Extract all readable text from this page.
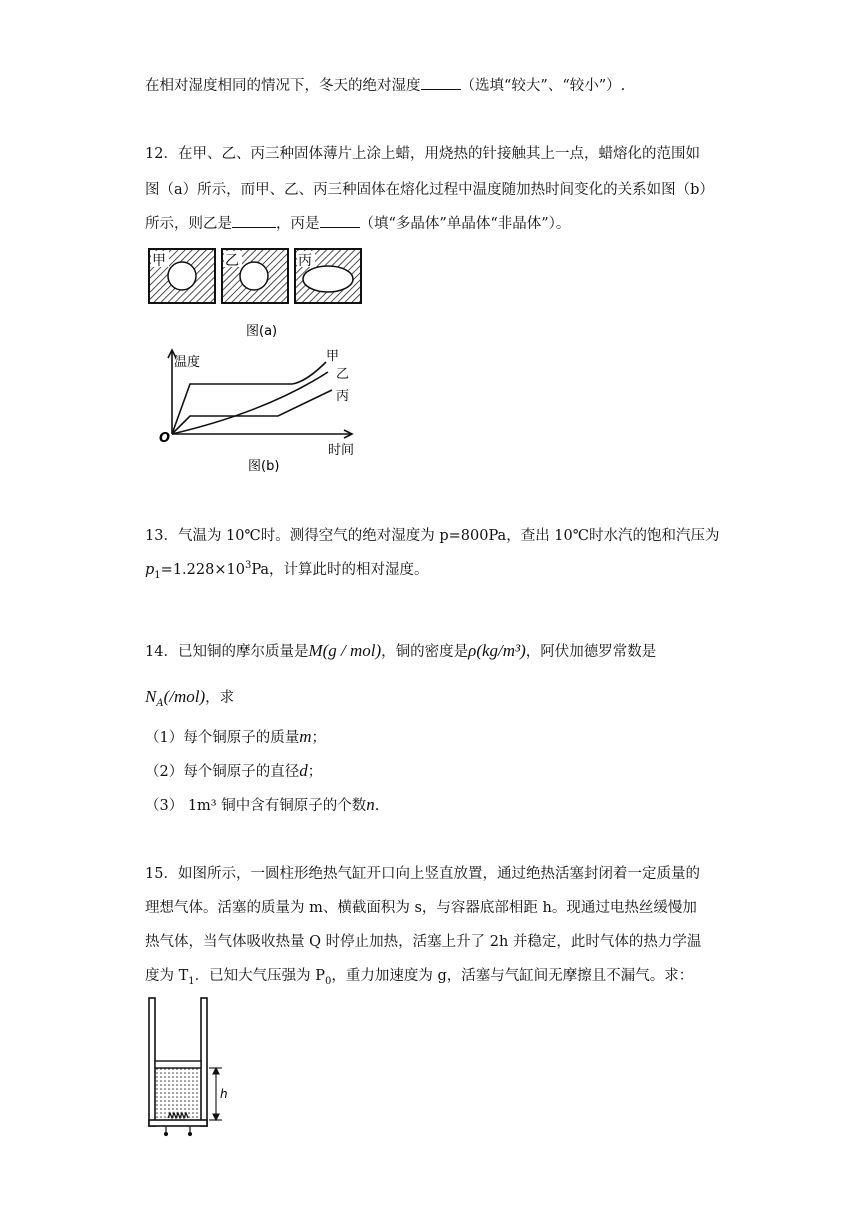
在相对湿度相同的情况下，冬天的绝对湿度	（选填“较大”、“较小”）.
12．在甲、乙、丙三种固体薄片上涂上蜡，用烧热的针接触其上一点，蜡熔化的范围如
图（a）所示，而甲、乙、丙三种固体在熔化过程中温度随加热时间变化的关系如图（b）
所示，则乙是	，丙是	（填“多晶体”单晶体“非晶体”）。
甲	乙	丙
图(a)
温度
O
甲
乙
丙
时间
图(b)
13．气温为 10℃时。测得空气的绝对湿度为 p=800Pa，查出 10℃时水汽的饱和汽压为
$p_1=1.228\times 10^3Pa$，计算此时的相对湿度。
14．已知铜的摩尔质量是M(g / mol)，铜的密度是ρ(kg/m³)，阿伏加德罗常数是
$N_A(/mol)$，求
（1）每个铜原子的质量m；
（2）每个铜原子的直径d；
（3） 1m³ 铜中含有铜原子的个数n.
15．如图所示，一圆柱形绝热气缸开口向上竖直放置，通过绝热活塞封闭着一定质量的
理想气体。活塞的质量为 m、横截面积为 s，与容器底部相距 h。现通过电热丝缓慢加
热气体，当气体吸收热量 Q 时停止加热，活塞上升了 2h 并稳定，此时气体的热力学温
度为 $T_1$．已知大气压强为 $P_0$，重力加速度为 g，活塞与气缸间无摩擦且不漏气。求：
h
